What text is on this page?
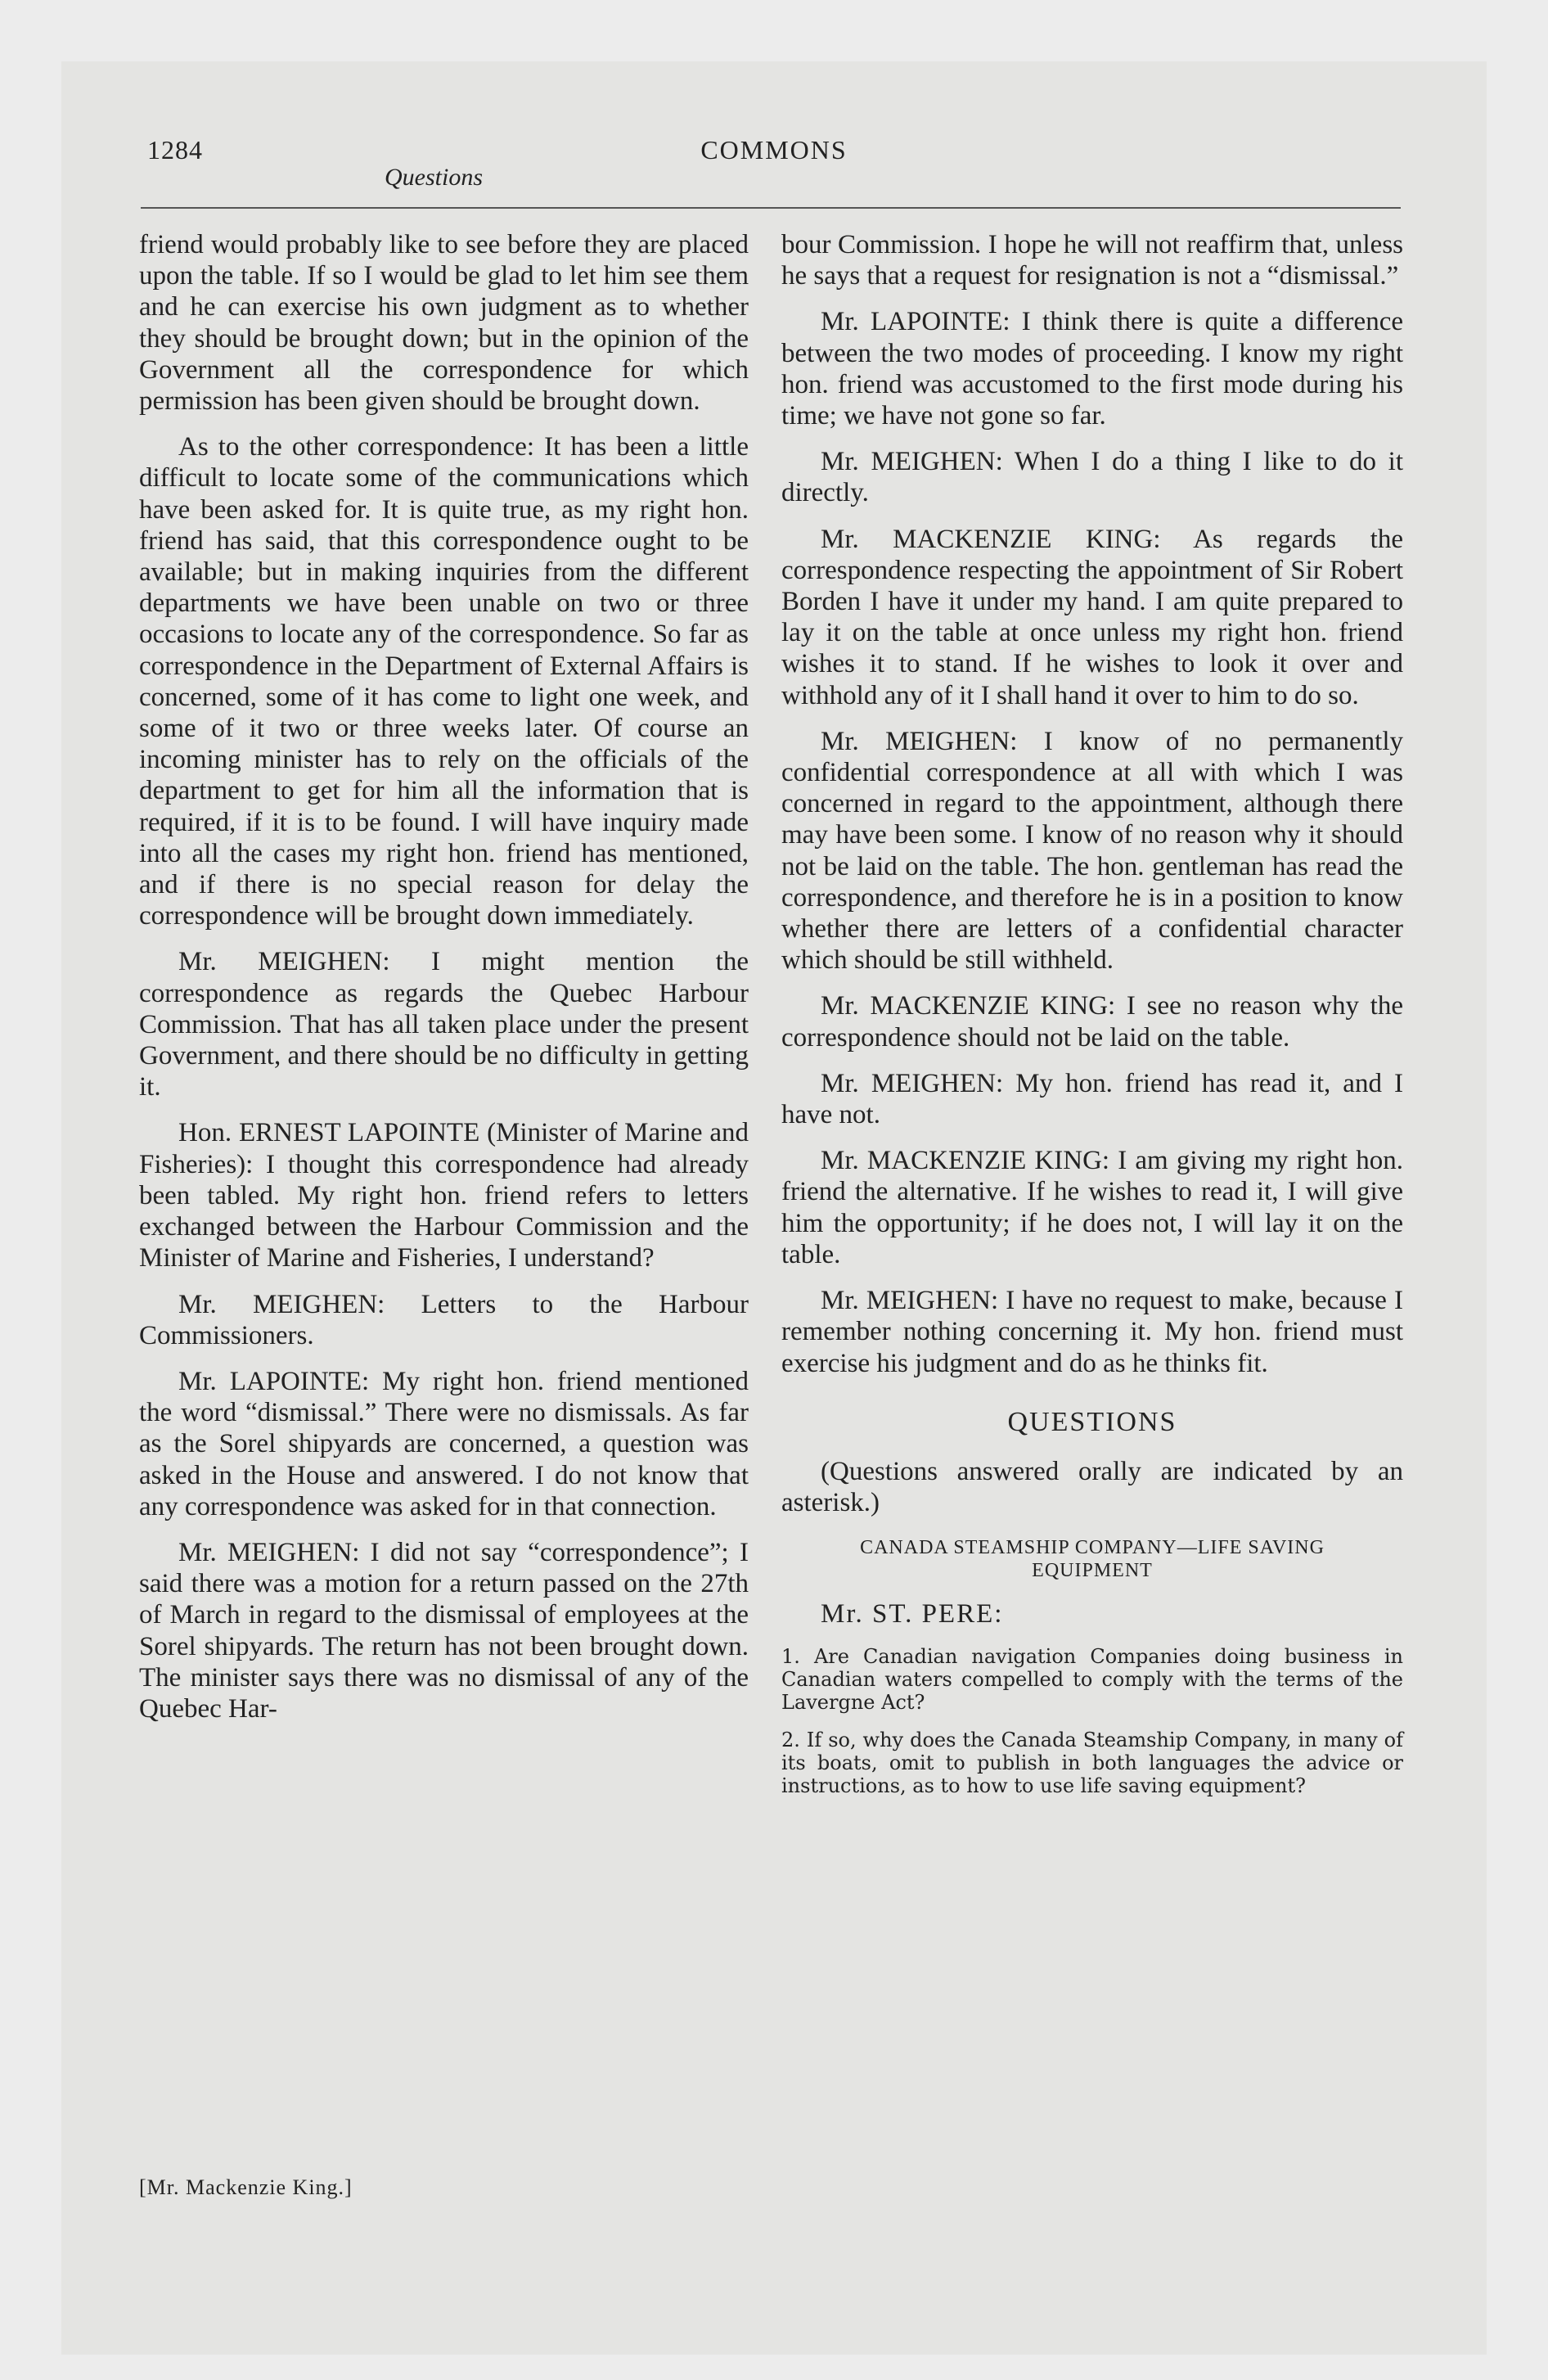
1284	COMMONS
Questions

friend would probably like to see before they are placed upon the table. If so I would be glad to let him see them and he can exercise his own judgment as to whether they should be brought down; but in the opinion of the Government all the correspondence for which permission has been given should be brought down.

As to the other correspondence: It has been a little difficult to locate some of the communications which have been asked for. It is quite true, as my right hon. friend has said, that this correspondence ought to be available; but in making inquiries from the different departments we have been unable on two or three occasions to locate any of the correspondence. So far as correspondence in the Department of External Affairs is concerned, some of it has come to light one week, and some of it two or three weeks later. Of course an incoming minister has to rely on the officials of the department to get for him all the information that is required, if it is to be found. I will have inquiry made into all the cases my right hon. friend has mentioned, and if there is no special reason for delay the correspondence will be brought down immediately.

Mr. MEIGHEN: I might mention the correspondence as regards the Quebec Harbour Commission. That has all taken place under the present Government, and there should be no difficulty in getting it.

Hon. ERNEST LAPOINTE (Minister of Marine and Fisheries): I thought this correspondence had already been tabled. My right hon. friend refers to letters exchanged between the Harbour Commission and the Minister of Marine and Fisheries, I understand?

Mr. MEIGHEN: Letters to the Harbour Commissioners.

Mr. LAPOINTE: My right hon. friend mentioned the word “dismissal.” There were no dismissals. As far as the Sorel shipyards are concerned, a question was asked in the House and answered. I do not know that any correspondence was asked for in that connection.

Mr. MEIGHEN: I did not say “correspondence”; I said there was a motion for a return passed on the 27th of March in regard to the dismissal of employees at the Sorel shipyards. The return has not been brought down. The minister says there was no dismissal of any of the Quebec Har-

bour Commission. I hope he will not reaffirm that, unless he says that a request for resignation is not a “dismissal.”

Mr. LAPOINTE: I think there is quite a difference between the two modes of proceeding. I know my right hon. friend was accustomed to the first mode during his time; we have not gone so far.

Mr. MEIGHEN: When I do a thing I like to do it directly.

Mr. MACKENZIE KING: As regards the correspondence respecting the appointment of Sir Robert Borden I have it under my hand. I am quite prepared to lay it on the table at once unless my right hon. friend wishes it to stand. If he wishes to look it over and withhold any of it I shall hand it over to him to do so.

Mr. MEIGHEN: I know of no permanently confidential correspondence at all with which I was concerned in regard to the appointment, although there may have been some. I know of no reason why it should not be laid on the table. The hon. gentleman has read the correspondence, and therefore he is in a position to know whether there are letters of a confidential character which should be still withheld.

Mr. MACKENZIE KING: I see no reason why the correspondence should not be laid on the table.

Mr. MEIGHEN: My hon. friend has read it, and I have not.

Mr. MACKENZIE KING: I am giving my right hon. friend the alternative. If he wishes to read it, I will give him the opportunity; if he does not, I will lay it on the table.

Mr. MEIGHEN: I have no request to make, because I remember nothing concerning it. My hon. friend must exercise his judgment and do as he thinks fit.

QUESTIONS

(Questions answered orally are indicated by an asterisk.)

CANADA STEAMSHIP COMPANY—LIFE SAVING EQUIPMENT

Mr. ST. PERE:

1. Are Canadian navigation Companies doing business in Canadian waters compelled to comply with the terms of the Lavergne Act?

2. If so, why does the Canada Steamship Company, in many of its boats, omit to publish in both languages the advice or instructions, as to how to use life saving equipment?

[Mr. Mackenzie King.]
